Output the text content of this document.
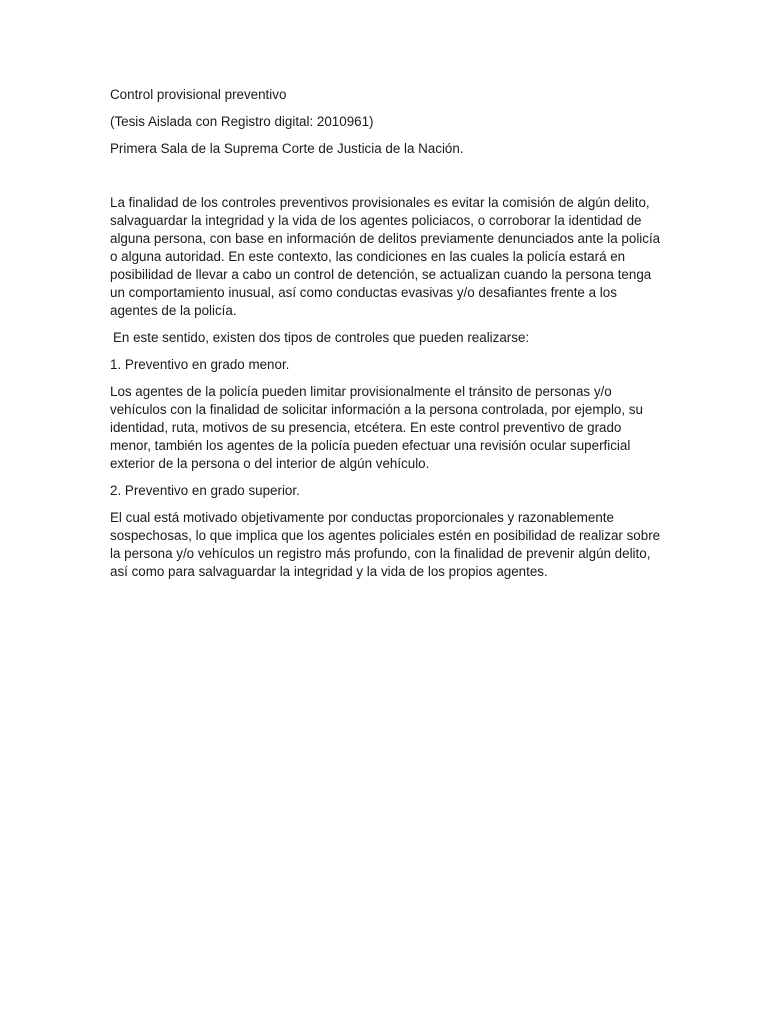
Control provisional preventivo

(Tesis Aislada con Registro digital: 2010961)

Primera Sala de la Suprema Corte de Justicia de la Nación.

La finalidad de los controles preventivos provisionales es evitar la comisión de algún delito, salvaguardar la integridad y la vida de los agentes policiacos, o corroborar la identidad de alguna persona, con base en información de delitos previamente denunciados ante la policía o alguna autoridad. En este contexto, las condiciones en las cuales la policía estará en posibilidad de llevar a cabo un control de detención, se actualizan cuando la persona tenga un comportamiento inusual, así como conductas evasivas y/o desafiantes frente a los agentes de la policía.

En este sentido, existen dos tipos de controles que pueden realizarse:

1. Preventivo en grado menor.

Los agentes de la policía pueden limitar provisionalmente el tránsito de personas y/o vehículos con la finalidad de solicitar información a la persona controlada, por ejemplo, su identidad, ruta, motivos de su presencia, etcétera. En este control preventivo de grado menor, también los agentes de la policía pueden efectuar una revisión ocular superficial exterior de la persona o del interior de algún vehículo.

2. Preventivo en grado superior.

El cual está motivado objetivamente por conductas proporcionales y razonablemente sospechosas, lo que implica que los agentes policiales estén en posibilidad de realizar sobre la persona y/o vehículos un registro más profundo, con la finalidad de prevenir algún delito, así como para salvaguardar la integridad y la vida de los propios agentes.
